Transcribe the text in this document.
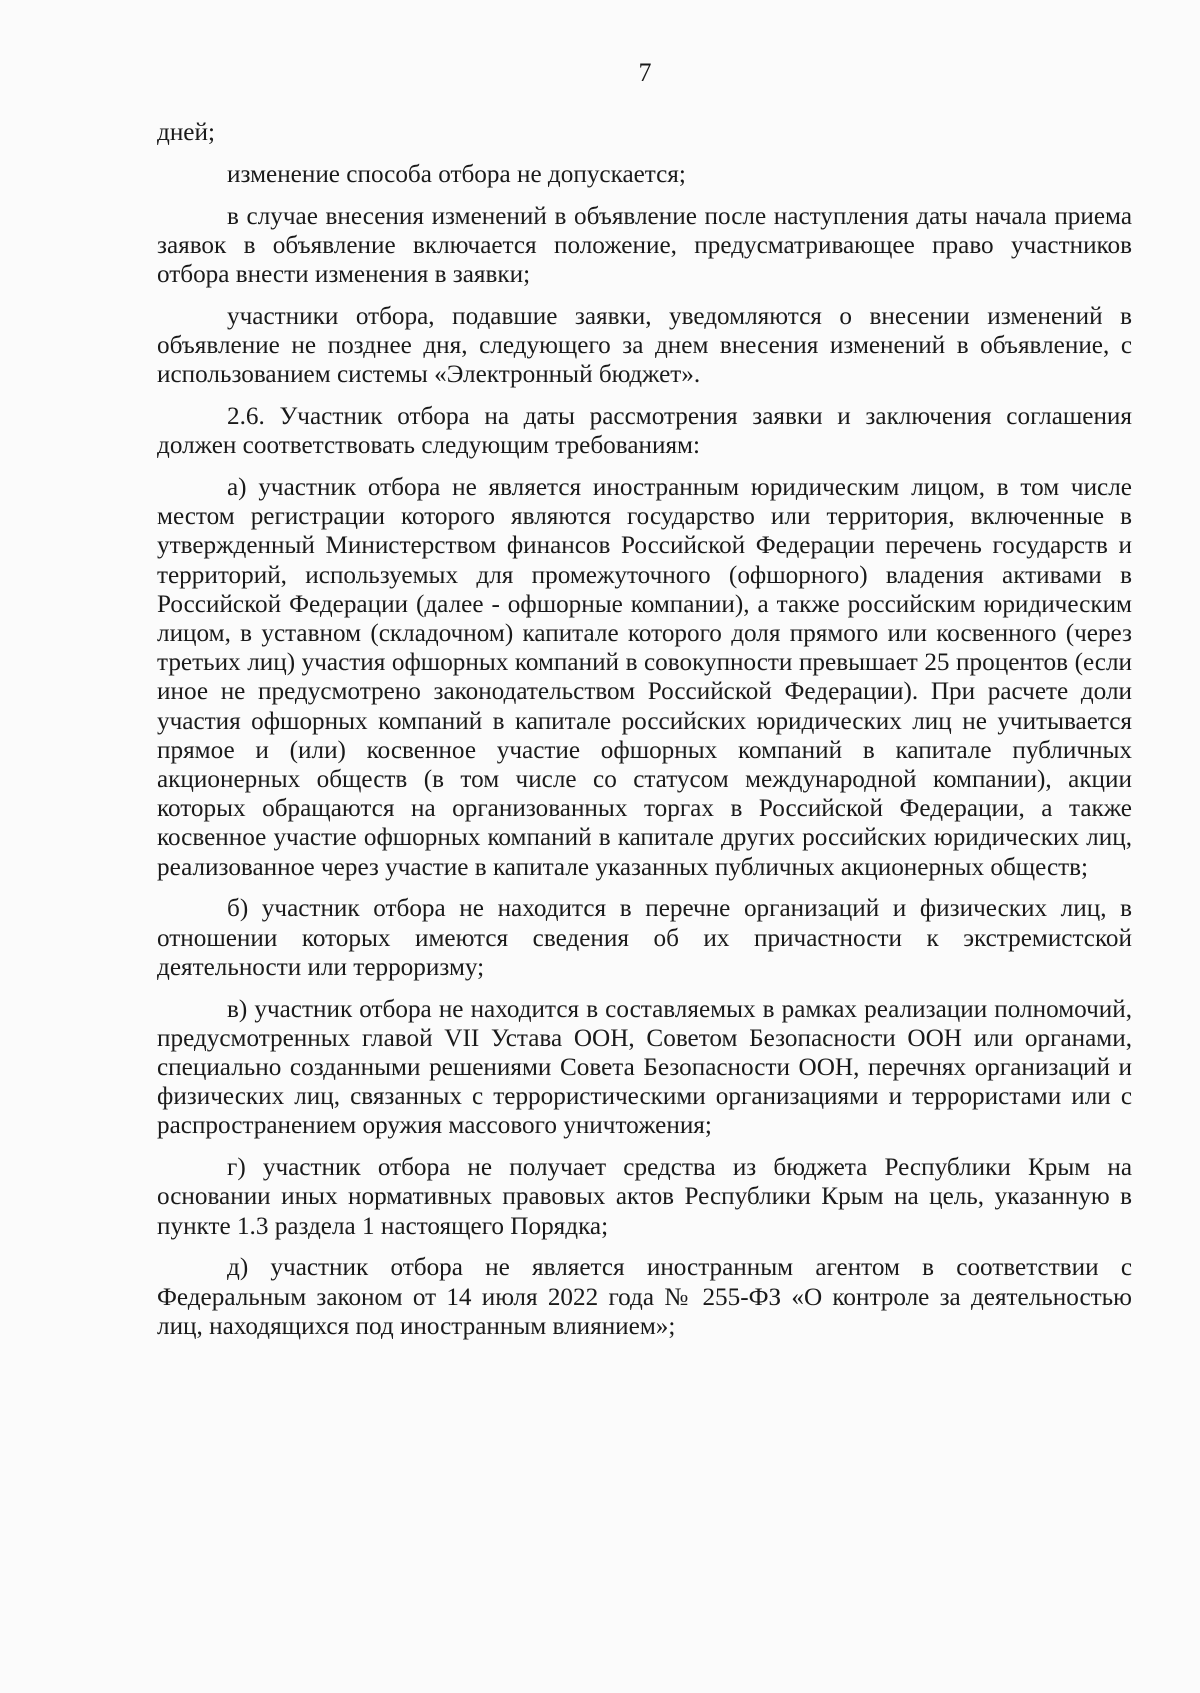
7

дней;

изменение способа отбора не допускается;

в случае внесения изменений в объявление после наступления даты начала приема заявок в объявление включается положение, предусматривающее право участников отбора внести изменения в заявки;

участники отбора, подавшие заявки, уведомляются о внесении изменений в объявление не позднее дня, следующего за днем внесения изменений в объявление, с использованием системы «Электронный бюджет».

2.6. Участник отбора на даты рассмотрения заявки и заключения соглашения должен соответствовать следующим требованиям:

а) участник отбора не является иностранным юридическим лицом, в том числе местом регистрации которого являются государство или территория, включенные в утвержденный Министерством финансов Российской Федерации перечень государств и территорий, используемых для промежуточного (офшорного) владения активами в Российской Федерации (далее - офшорные компании), а также российским юридическим лицом, в уставном (складочном) капитале которого доля прямого или косвенного (через третьих лиц) участия офшорных компаний в совокупности превышает 25 процентов (если иное не предусмотрено законодательством Российской Федерации). При расчете доли участия офшорных компаний в капитале российских юридических лиц не учитывается прямое и (или) косвенное участие офшорных компаний в капитале публичных акционерных обществ (в том числе со статусом международной компании), акции которых обращаются на организованных торгах в Российской Федерации, а также косвенное участие офшорных компаний в капитале других российских юридических лиц, реализованное через участие в капитале указанных публичных акционерных обществ;

б) участник отбора не находится в перечне организаций и физических лиц, в отношении которых имеются сведения об их причастности к экстремистской деятельности или терроризму;

в) участник отбора не находится в составляемых в рамках реализации полномочий, предусмотренных главой VII Устава ООН, Советом Безопасности ООН или органами, специально созданными решениями Совета Безопасности ООН, перечнях организаций и физических лиц, связанных с террористическими организациями и террористами или с распространением оружия массового уничтожения;

г) участник отбора не получает средства из бюджета Республики Крым на основании иных нормативных правовых актов Республики Крым на цель, указанную в пункте 1.3 раздела 1 настоящего Порядка;

д) участник отбора не является иностранным агентом в соответствии с Федеральным законом от 14 июля 2022 года № 255-ФЗ «О контроле за деятельностью лиц, находящихся под иностранным влиянием»;
